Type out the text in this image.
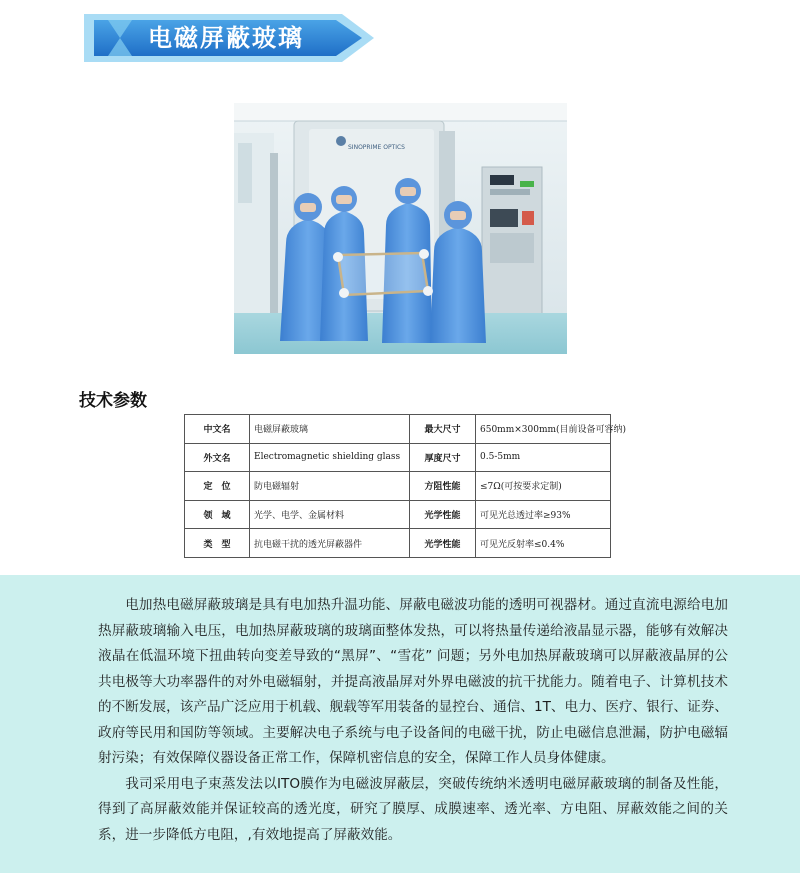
电磁屏蔽玻璃
SINOPRIME OPTICS
技术参数
中文名	电磁屏蔽玻璃	最大尺寸	650mm×300mm(目前设备可容纳)
外文名	Electromagnetic shielding glass	厚度尺寸	0.5-5mm
定　位	防电磁辐射	方阻性能	≤7Ω(可按要求定制)
领　域	光学、电学、金属材料	光学性能	可见光总透过率≥93%
类　型	抗电磁干扰的透光屏蔽器件	光学性能	可见光反射率≤0.4%

电加热电磁屏蔽玻璃是具有电加热升温功能、屏蔽电磁波功能的透明可视器材。通过直流电源给电加热屏蔽玻璃输入电压，电加热屏蔽玻璃的玻璃面整体发热，可以将热量传递给液晶显示器，能够有效解决液晶在低温环境下扭曲转向变差导致的“黑屏”、“雪花” 问题；另外电加热屏蔽玻璃可以屏蔽液晶屏的公共电极等大功率器件的对外电磁辐射，并提高液晶屏对外界电磁波的抗干扰能力。随着电子、计算机技术的不断发展，该产品广泛应用于机载、舰载等军用装备的显控台、通信、1T、电力、医疗、银行、证券、政府等民用和国防等领域。主要解决电子系统与电子设备间的电磁干扰，防止电磁信息泄漏，防护电磁辐射污染；有效保障仪器设备正常工作，保障机密信息的安全，保障工作人员身体健康。

我司采用电子束蒸发法以ITO膜作为电磁波屏蔽层，突破传统纳米透明电磁屏蔽玻璃的制备及性能，得到了高屏蔽效能并保证较高的透光度，研究了膜厚、成膜速率、透光率、方电阻、屏蔽效能之间的关系，进一步降低方电阻，,有效地提高了屏蔽效能。
